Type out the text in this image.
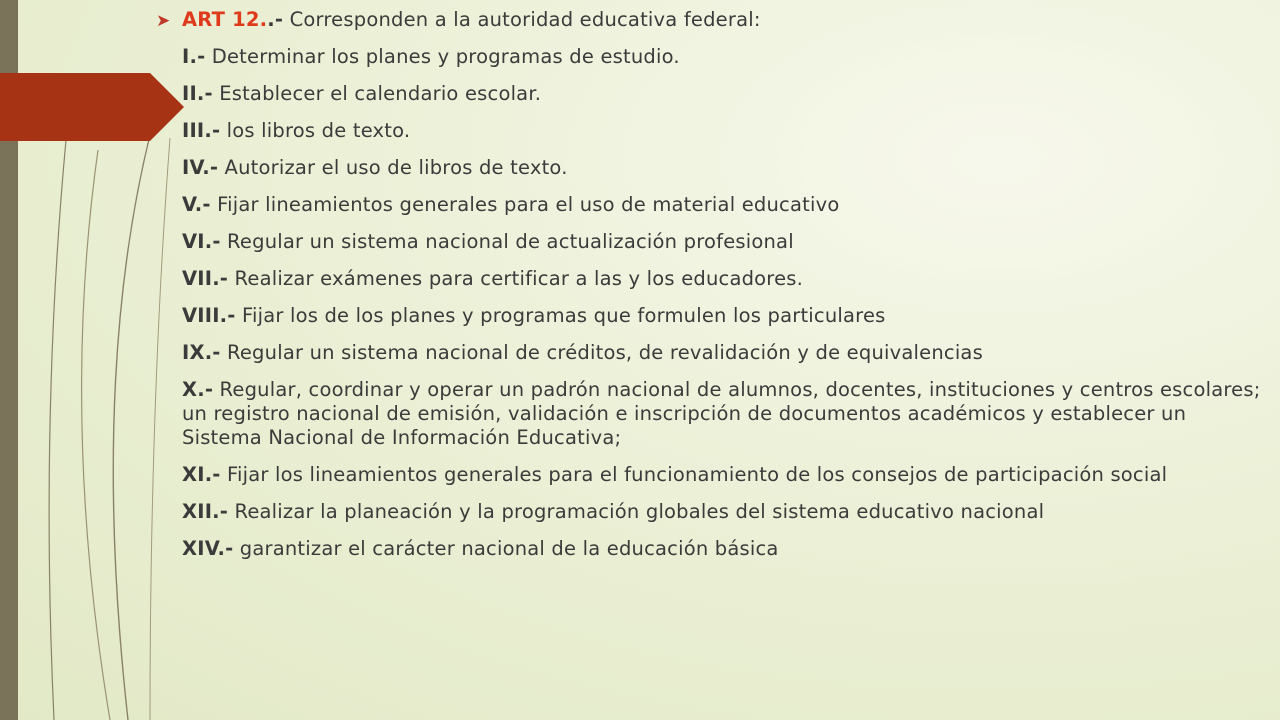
➤ ART 12..- Corresponden a la autoridad educativa federal:
I.- Determinar los planes y programas de estudio.
II.- Establecer el calendario escolar.
III.- los libros de texto.
IV.- Autorizar el uso de libros de texto.
V.- Fijar lineamientos generales para el uso de material educativo
VI.- Regular un sistema nacional de actualización profesional
VII.- Realizar exámenes para certificar a las y los educadores.
VIII.- Fijar los de los planes y programas que formulen los particulares
IX.- Regular un sistema nacional de créditos, de revalidación y de equivalencias
X.- Regular, coordinar y operar un padrón nacional de alumnos, docentes, instituciones y centros escolares; un registro nacional de emisión, validación e inscripción de documentos académicos y establecer un Sistema Nacional de Información Educativa;
XI.- Fijar los lineamientos generales para el funcionamiento de los consejos de participación social
XII.- Realizar la planeación y la programación globales del sistema educativo nacional
XIV.- garantizar el carácter nacional de la educación básica
